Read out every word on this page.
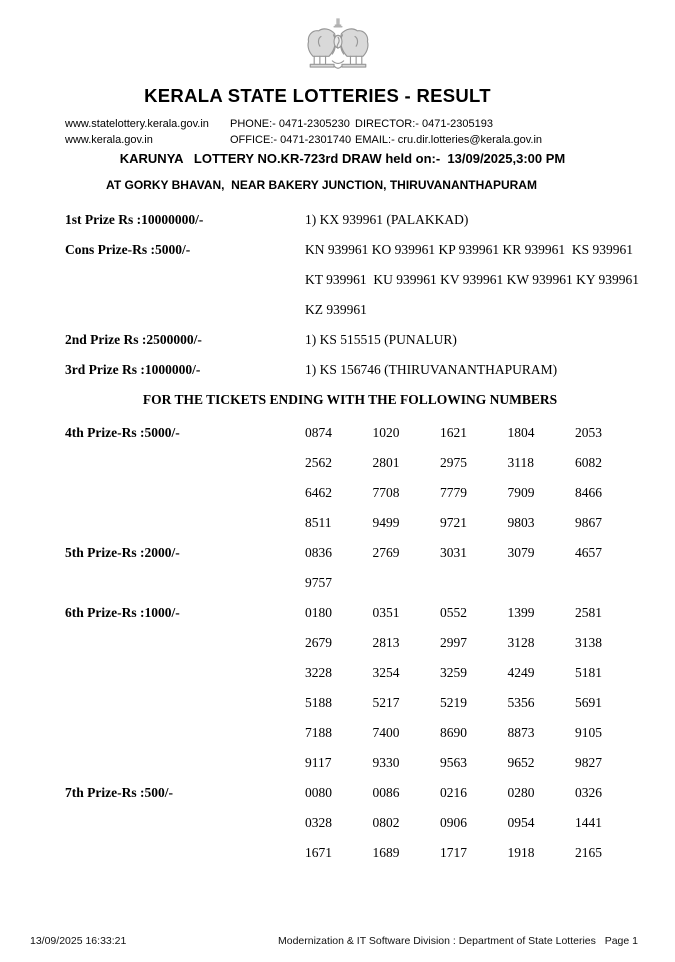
KERALA STATE LOTTERIES - RESULT
www.statelottery.kerala.gov.in	PHONE:- 0471-2305230 DIRECTOR:- 0471-2305193
www.kerala.gov.in	OFFICE:- 0471-2301740 EMAIL:- cru.dir.lotteries@kerala.gov.in
KARUNYA   LOTTERY NO.KR-723rd DRAW held on:-  13/09/2025,3:00 PM
AT GORKY BHAVAN,  NEAR BAKERY JUNCTION, THIRUVANANTHAPURAM
1st Prize Rs :10000000/-	1) KX 939961 (PALAKKAD)
Cons Prize-Rs :5000/-	KN 939961 KO 939961 KP 939961 KR 939961  KS 939961
KT 939961  KU 939961 KV 939961 KW 939961 KY 939961
KZ 939961
2nd Prize Rs :2500000/-	1) KS 515515 (PUNALUR)
3rd Prize Rs :1000000/-	1) KS 156746 (THIRUVANANTHAPURAM)
FOR THE TICKETS ENDING WITH THE FOLLOWING NUMBERS
4th Prize-Rs :5000/-	0874	1020	1621	1804	2053
2562	2801	2975	3118	6082
6462	7708	7779	7909	8466
8511	9499	9721	9803	9867
5th Prize-Rs :2000/-	0836	2769	3031	3079	4657
9757
6th Prize-Rs :1000/-	0180	0351	0552	1399	2581
2679	2813	2997	3128	3138
3228	3254	3259	4249	5181
5188	5217	5219	5356	5691
7188	7400	8690	8873	9105
9117	9330	9563	9652	9827
7th Prize-Rs :500/-	0080	0086	0216	0280	0326
0328	0802	0906	0954	1441
1671	1689	1717	1918	2165
13/09/2025 16:33:21	Modernization & IT Software Division : Department of State Lotteries Page 1
